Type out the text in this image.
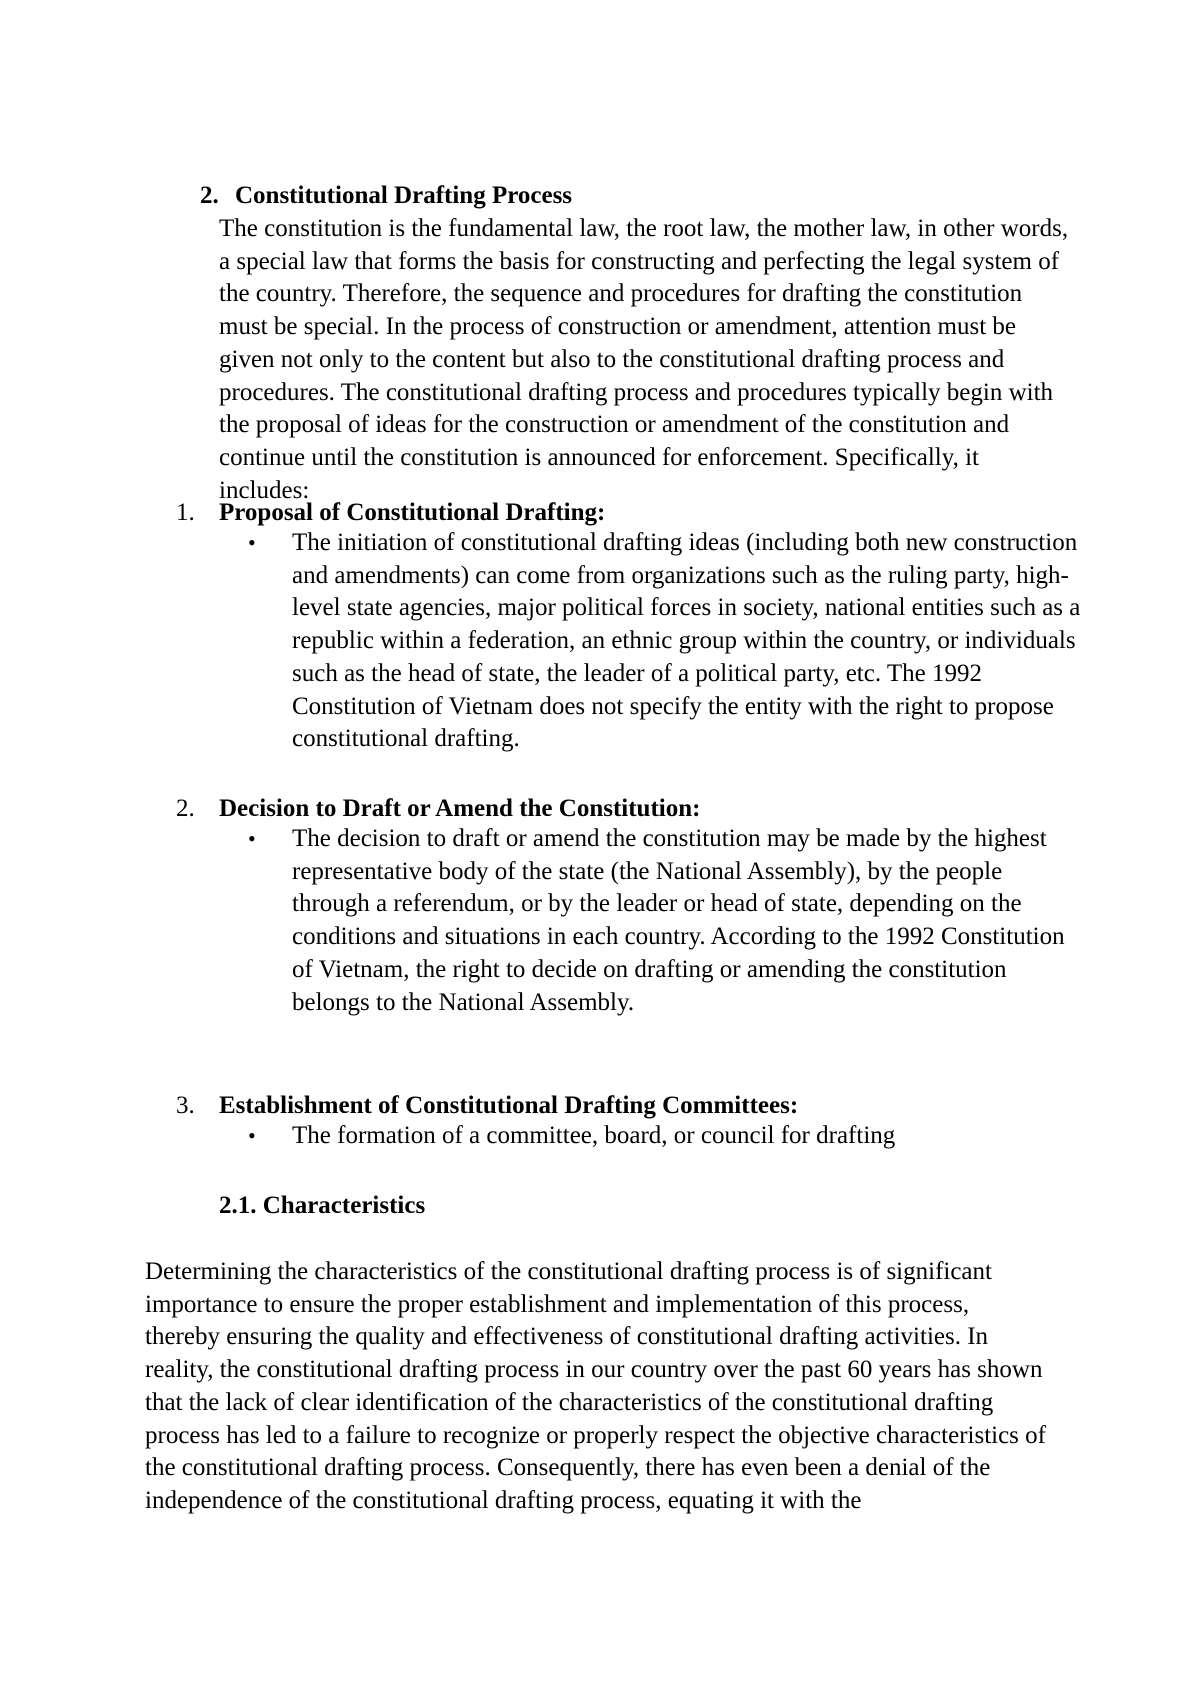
2. Constitutional Drafting Process

The constitution is the fundamental law, the root law, the mother law, in other words, a special law that forms the basis for constructing and perfecting the legal system of the country. Therefore, the sequence and procedures for drafting the constitution must be special. In the process of construction or amendment, attention must be given not only to the content but also to the constitutional drafting process and procedures. The constitutional drafting process and procedures typically begin with the proposal of ideas for the construction or amendment of the constitution and continue until the constitution is announced for enforcement. Specifically, it includes:

1. Proposal of Constitutional Drafting:
•	The initiation of constitutional drafting ideas (including both new construction and amendments) can come from organizations such as the ruling party, high-level state agencies, major political forces in society, national entities such as a republic within a federation, an ethnic group within the country, or individuals such as the head of state, the leader of a political party, etc. The 1992 Constitution of Vietnam does not specify the entity with the right to propose constitutional drafting.

2. Decision to Draft or Amend the Constitution:
•	The decision to draft or amend the constitution may be made by the highest representative body of the state (the National Assembly), by the people through a referendum, or by the leader or head of state, depending on the conditions and situations in each country. According to the 1992 Constitution of Vietnam, the right to decide on drafting or amending the constitution belongs to the National Assembly.

3. Establishment of Constitutional Drafting Committees:
•	The formation of a committee, board, or council for drafting

2.1. Characteristics

Determining the characteristics of the constitutional drafting process is of significant importance to ensure the proper establishment and implementation of this process, thereby ensuring the quality and effectiveness of constitutional drafting activities. In reality, the constitutional drafting process in our country over the past 60 years has shown that the lack of clear identification of the characteristics of the constitutional drafting process has led to a failure to recognize or properly respect the objective characteristics of the constitutional drafting process. Consequently, there has even been a denial of the independence of the constitutional drafting process, equating it with the
